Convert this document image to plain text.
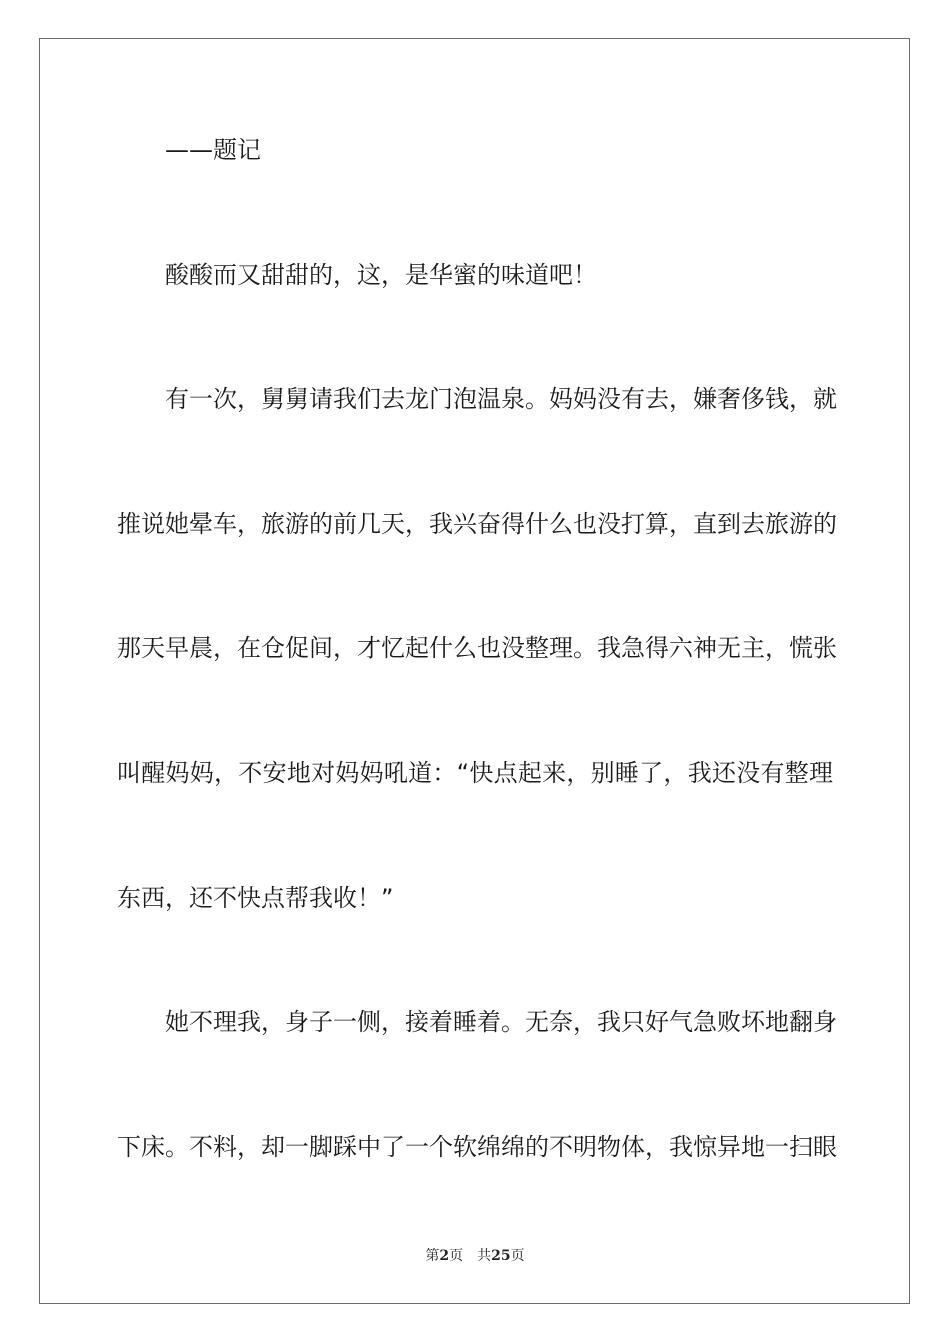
——题记
酸酸而又甜甜的，这，是华蜜的味道吧！
有一次，舅舅请我们去龙门泡温泉。妈妈没有去，嫌奢侈钱，就
推说她晕车，旅游的前几天，我兴奋得什么也没打算，直到去旅游的
那天早晨，在仓促间，才忆起什么也没整理。我急得六神无主，慌张
叫醒妈妈，不安地对妈妈吼道：“快点起来，别睡了，我还没有整理
东西，还不快点帮我收！”
她不理我，身子一侧，接着睡着。无奈，我只好气急败坏地翻身
下床。不料，却一脚踩中了一个软绵绵的不明物体，我惊异地一扫眼
第2页 共25页
